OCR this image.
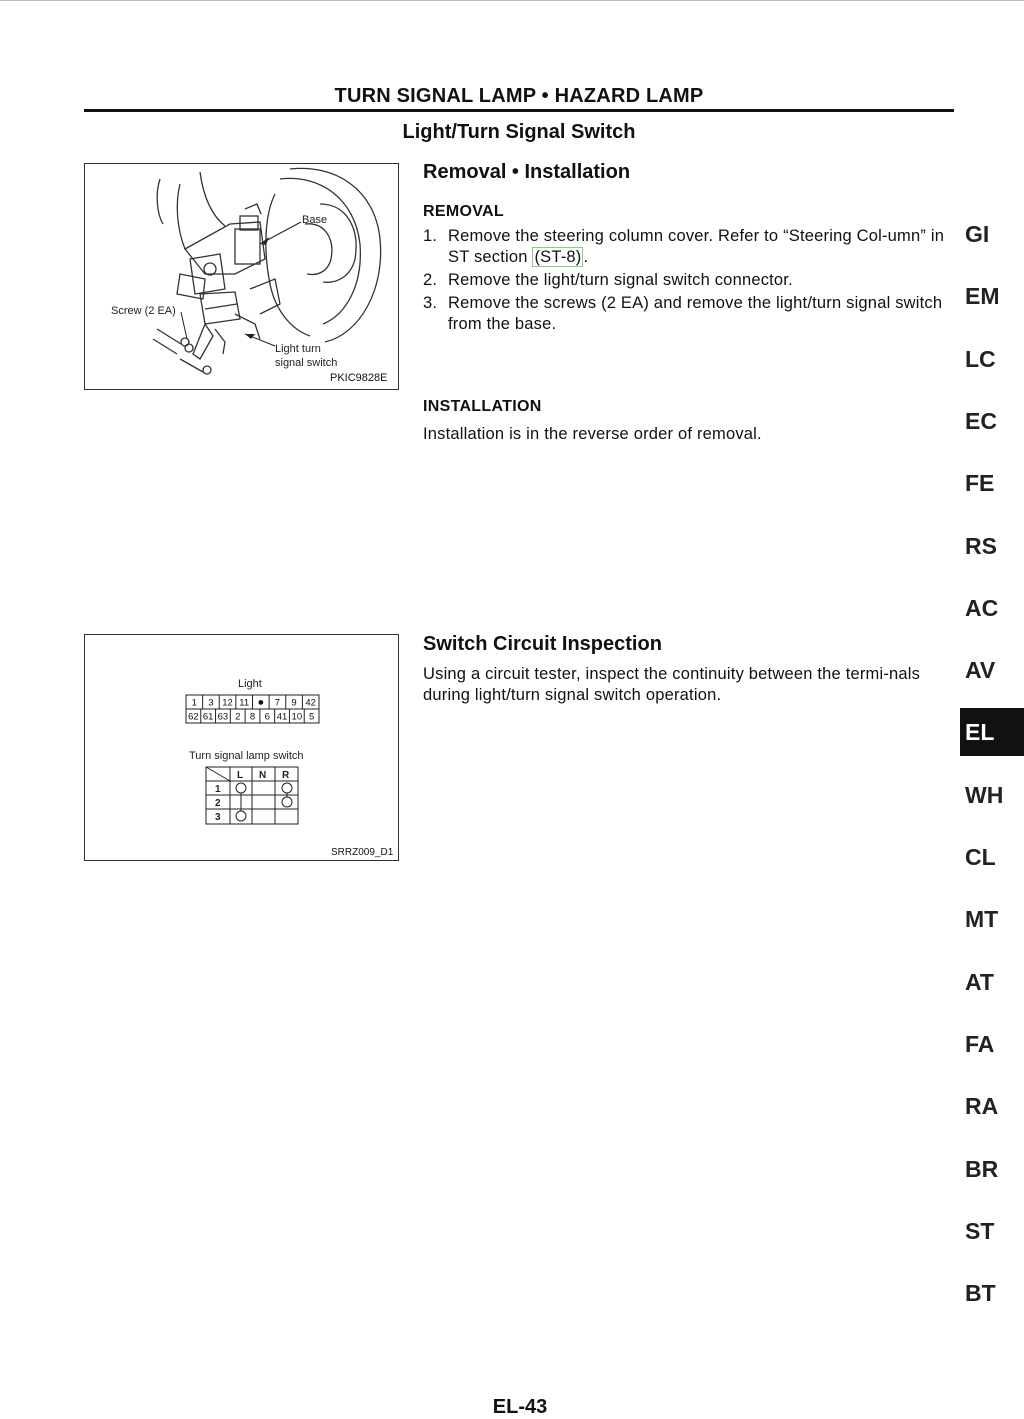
TURN SIGNAL LAMP • HAZARD LAMP
Light/Turn Signal Switch
Base
Screw (2 EA)
Light turn
signal switch
PKIC9828E
Light
1 3 12 11 ● 7 9 42
62 61 63 2 8 6 41 10 5
Turn signal lamp switch
L N R
1
2
3
SRRZ009_D1
Removal • Installation
REMOVAL
1. Remove the steering column cover. Refer to “Steering Col-umn” in ST section (ST-8) .
2. Remove the light/turn signal switch connector.
3. Remove the screws (2 EA) and remove the light/turn signal switch from the base.
INSTALLATION
Installation is in the reverse order of removal.
Switch Circuit Inspection
Using a circuit tester, inspect the continuity between the termi-nals during light/turn signal switch operation.
GI
EM
LC
EC
FE
RS
AC
AV
EL
WH
CL
MT
AT
FA
RA
BR
ST
BT
EL-43
